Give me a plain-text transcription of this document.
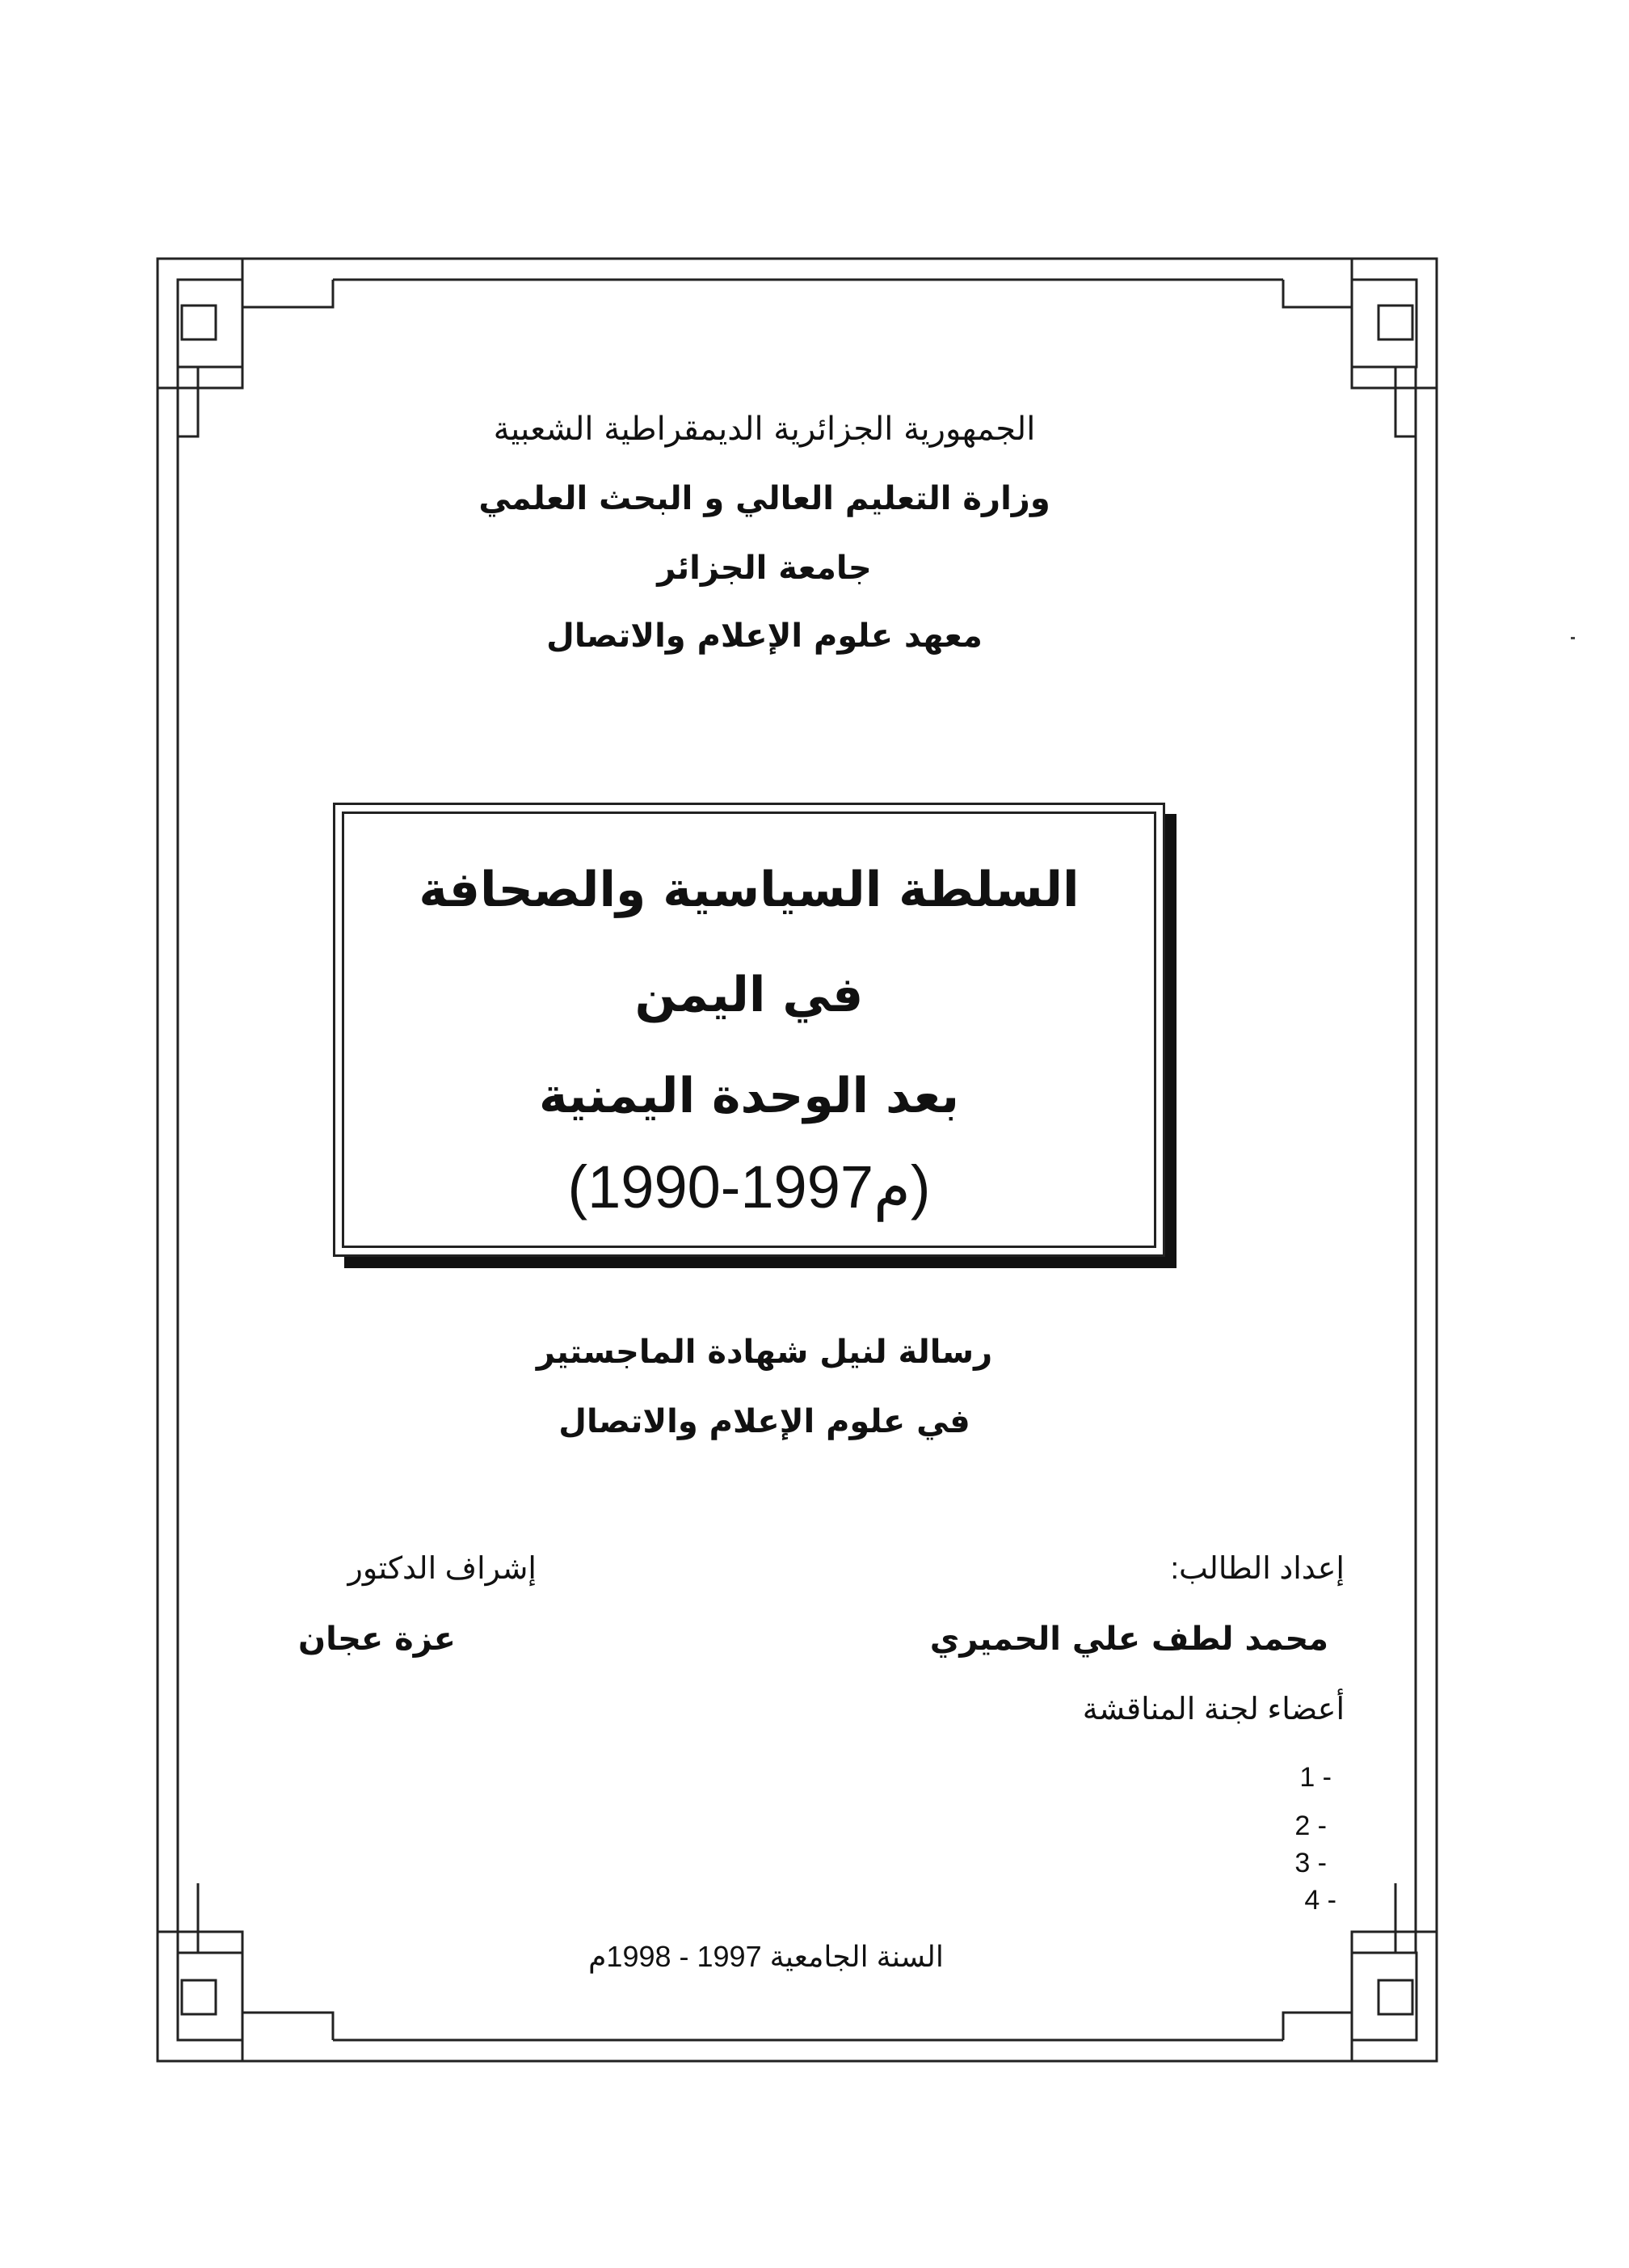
الجمهورية الجزائرية الديمقراطية الشعبية
وزارة التعليم العالي و البحث العلمي
جامعة الجزائر
معهد علوم الإعلام والاتصال
السلطة السياسية والصحافة
في اليمن
بعد الوحدة اليمنية
(1990-1997م)
رسالة لنيل شهادة الماجستير
في علوم الإعلام والاتصال
إعداد الطالب:
محمد لطف علي الحميري
إشراف الدكتور
عزة عجان
أعضاء لجنة المناقشة
1 -
2 -
3 -
4 -
السنة الجامعية 1997 - 1998م
